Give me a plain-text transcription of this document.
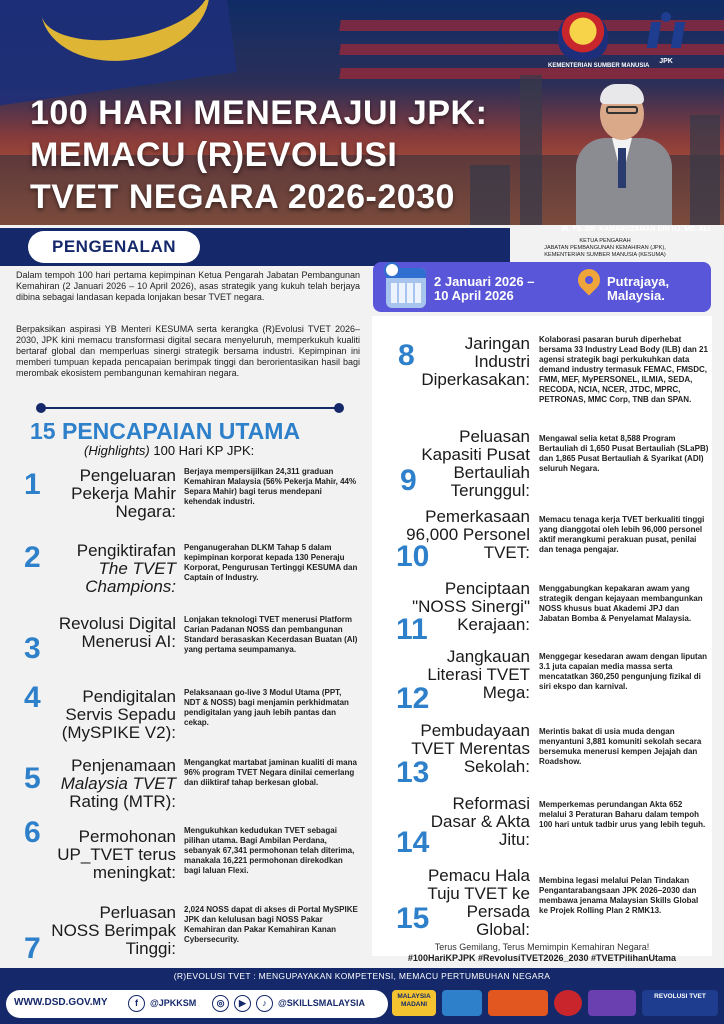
100 HARI MENERAJUI JPK:
MEMACU (R)EVOLUSI
TVET NEGARA 2026-2030
KEMENTERIAN SUMBER MANUSIA
JPK
IR. TS. DR. KAMARUZAMAN BIN HJ. MD. ALI
KETUA PENGARAH
JABATAN PEMBANGUNAN KEMAHIRAN (JPK),
KEMENTERIAN SUMBER MANUSIA (KESUMA)
PENGENALAN
Dalam tempoh 100 hari pertama kepimpinan Ketua Pengarah Jabatan Pembangunan Kemahiran (2 Januari 2026 – 10 April 2026), asas strategik yang kukuh telah berjaya dibina sebagai landasan kepada lonjakan besar TVET negara.
Berpaksikan aspirasi YB Menteri KESUMA serta kerangka (R)Evolusi TVET 2026–2030, JPK kini memacu transformasi digital secara menyeluruh, memperkukuh kualiti bertaraf global dan memperluas sinergi strategik bersama industri. Kepimpinan ini memberi tumpuan kepada pencapaian berimpak tinggi dan berorientasikan hasil bagi merombak ekosistem pembangunan kemahiran negara.
15 PENCAPAIAN UTAMA
(Highlights) 100 Hari KP JPK:
1	Pengeluaran
Pekerja Mahir
Negara:
Berjaya mempersijilkan 24,311 graduan Kemahiran Malaysia (56% Pekerja Mahir, 44% Separa Mahir) bagi terus mendepani kehendak industri.
2	Pengiktirafan
The TVET
Champions:
Penganugerahan DLKM Tahap 5 dalam kepimpinan korporat kepada 130 Peneraju Korporat, Pengurusan Tertinggi KESUMA dan Captain of Industry.
3
Revolusi Digital
Menerusi AI:
Lonjakan teknologi TVET menerusi Platform Carian Padanan NOSS dan pembangunan Standard berasaskan Kecerdasan Buatan (AI) yang pertama seumpamanya.
4	Pendigitalan
Servis Sepadu
(MySPIKE V2):
Pelaksanaan go-live 3 Modul Utama (PPT, NDT & NOSS) bagi menjamin perkhidmatan pendigitalan yang jauh lebih pantas dan cekap.
5	Penjenamaan
Malaysia TVET
Rating (MTR):
Mengangkat martabat jaminan kualiti di mana 96% program TVET Negara dinilai cemerlang dan diiktiraf tahap berkesan global.
6	Permohonan
UP_TVET terus
meningkat:
Mengukuhkan kedudukan TVET sebagai pilihan utama. Bagi Ambilan Perdana, sebanyak 67,341 permohonan telah diterima, manakala 16,221 permohonan direkodkan bagi laluan Flexi.
7
Perluasan
NOSS Berimpak
Tinggi:
2,024 NOSS dapat di akses di Portal MySPIKE JPK dan kelulusan bagi NOSS Pakar Kemahiran dan Pakar Kemahiran Kanan Cybersecurity.
2 Januari 2026 –
10 April 2026
Putrajaya,
Malaysia.
8	Jaringan
Industri
Diperkasakan:
Kolaborasi pasaran buruh diperhebat bersama 33 Industry Lead Body (ILB) dan 21 agensi strategik bagi perkukuhkan data demand industry termasuk FEMAC, FMSDC, FMM, MEF, MyPERSONEL, ILMIA, SEDA, RECODA, NCIA, NCER, JTDC, MPRC, PETRONAS, MMC Corp, TNB dan SPAN.
9
Peluasan
Kapasiti Pusat
Bertauliah
Terunggul:
Mengawal selia ketat 8,588 Program Bertauliah di 1,650 Pusat Bertauliah (SLaPB) dan 1,865 Pusat Bertauliah & Syarikat (ADI) seluruh Negara.
10
Pemerkasaan
96,000 Personel
TVET:
Memacu tenaga kerja TVET berkualiti tinggi yang dianggotai oleh lebih 96,000 personel aktif merangkumi perakuan pusat, penilai dan tenaga pengajar.
11
Penciptaan
"NOSS Sinergi"
Kerajaan:
Menggabungkan kepakaran awam yang strategik dengan kejayaan membangunkan NOSS khusus buat Akademi JPJ dan Jabatan Bomba & Penyelamat Malaysia.
12
Jangkauan
Literasi TVET
Mega:
Menggegar kesedaran awam dengan liputan 3.1 juta capaian media massa serta mencatatkan 360,250 pengunjung fizikal di siri ekspo dan karnival.
13
Pembudayaan
TVET Merentas
Sekolah:
Merintis bakat di usia muda dengan menyantuni 3,881 komuniti sekolah secara bersemuka menerusi kempen Jejajah dan Roadshow.
14
Reformasi
Dasar & Akta
Jitu:
Memperkemas perundangan Akta 652 melalui 3 Peraturan Baharu dalam tempoh 100 hari untuk tadbir urus yang lebih teguh.
15
Pemacu Hala
Tuju TVET ke
Persada
Global:
Membina legasi melalui Pelan Tindakan Pengantarabangsaan JPK 2026–2030 dan membawa jenama Malaysian Skills Global ke Projek Rolling Plan 2 RMK13.
Terus Gemilang, Terus Memimpin Kemahiran Negara!
#100HariKPJPK #RevolusiTVET2026_2030 #TVETPilihanUtama
(R)EVOLUSI TVET : MENGUPAYAKAN KOMPETENSI, MEMACU PERTUMBUHAN NEGARA
WWW.DSD.GOV.MY	f	@JPKKSM	◎	▶	♪	@SKILLSMALAYSIA
MALAYSIA MADANI
REVOLUSI TVET
